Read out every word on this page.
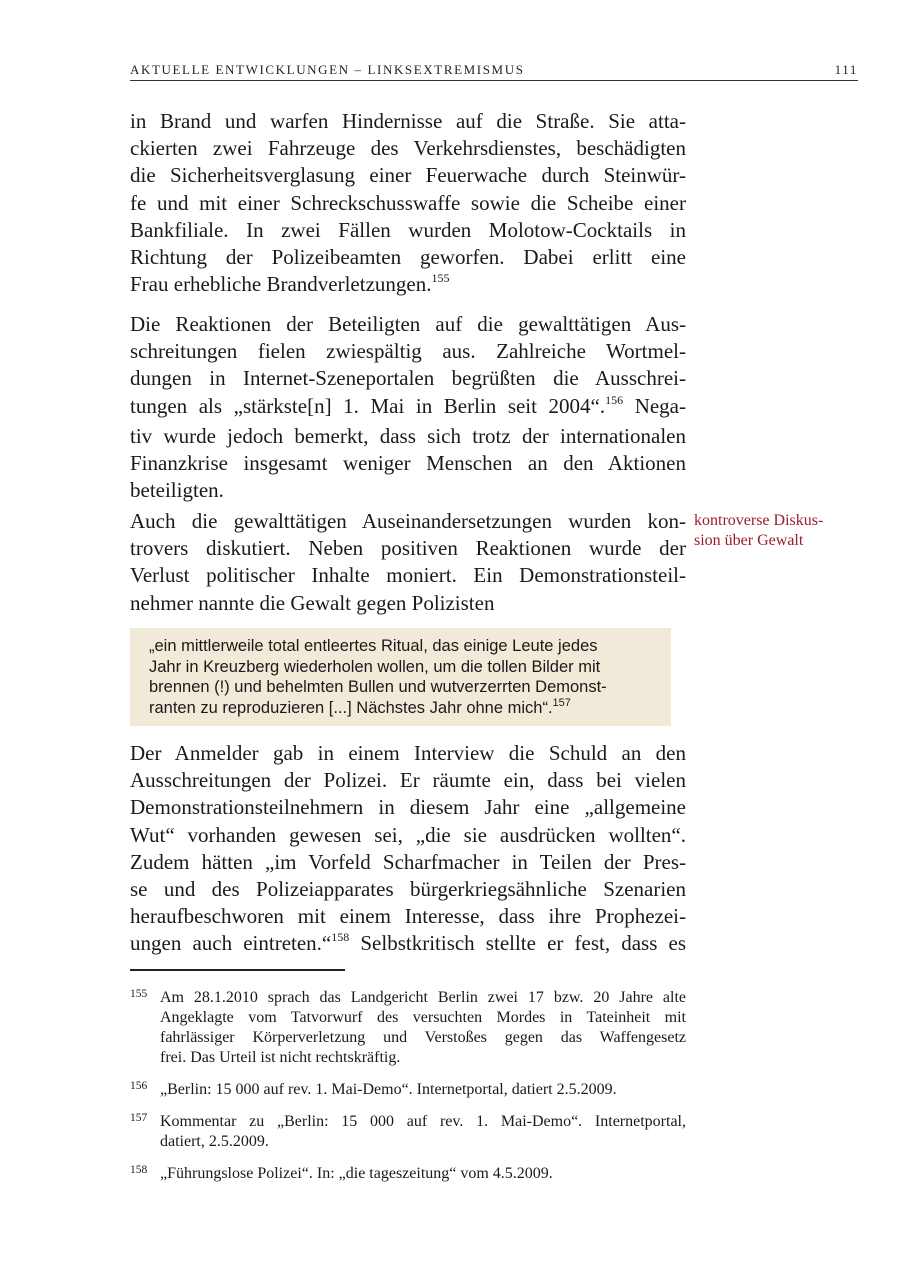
AKTUELLE ENTWICKLUNGEN – LINKSEXTREMISMUS	111
in Brand und warfen Hindernisse auf die Straße. Sie atta-
ckierten zwei Fahrzeuge des Verkehrsdienstes, beschädigten
die Sicherheitsverglasung einer Feuerwache durch Steinwür-
fe und mit einer Schreckschusswaffe sowie die Scheibe einer
Bankfiliale. In zwei Fällen wurden Molotow-Cocktails in
Richtung der Polizeibeamten geworfen. Dabei erlitt eine
Frau erhebliche Brandverletzungen.$^{155}$
Die Reaktionen der Beteiligten auf die gewalttätigen Aus-
schreitungen fielen zwiespältig aus. Zahlreiche Wortmel-
dungen in Internet-Szeneportalen begrüßten die Ausschrei-
tungen als „stärkste[n] 1. Mai in Berlin seit 2004“.$^{156}$ Nega-
tiv wurde jedoch bemerkt, dass sich trotz der internationalen
Finanzkrise insgesamt weniger Menschen an den Aktionen
beteiligten.
Auch die gewalttätigen Auseinandersetzungen wurden kon-
trovers diskutiert. Neben positiven Reaktionen wurde der
Verlust politischer Inhalte moniert. Ein Demonstrationsteil-
nehmer nannte die Gewalt gegen Polizisten
Der Anmelder gab in einem Interview die Schuld an den
Ausschreitungen der Polizei. Er räumte ein, dass bei vielen
Demonstrationsteilnehmern in diesem Jahr eine „allgemeine
Wut“ vorhanden gewesen sei, „die sie ausdrücken wollten“.
Zudem hätten „im Vorfeld Scharfmacher in Teilen der Pres-
se und des Polizeiapparates bürgerkriegsähnliche Szenarien
heraufbeschworen mit einem Interesse, dass ihre Prophezei-
ungen auch eintreten.“$^{158}$ Selbstkritisch stellte er fest, dass es
kontroverse Diskus-
sion über Gewalt
„ein mittlerweile total entleertes Ritual, das einige Leute jedes
Jahr in Kreuzberg wiederholen wollen, um die tollen Bilder mit
brennen (!) und behelmten Bullen und wutverzerrten Demonst-
ranten zu reproduzieren [...] Nächstes Jahr ohne mich“.$^{157}$
155 Am 28.1.2010 sprach das Landgericht Berlin zwei 17 bzw. 20 Jahre alte
Angeklagte vom Tatvorwurf des versuchten Mordes in Tateinheit mit
fahrlässiger Körperverletzung und Verstoßes gegen das Waffengesetz
frei. Das Urteil ist nicht rechtskräftig.
156 „Berlin: 15 000 auf rev. 1. Mai-Demo“. Internetportal, datiert 2.5.2009.
157 Kommentar zu „Berlin: 15 000 auf rev. 1. Mai-Demo“. Internetportal,
datiert, 2.5.2009.
158 „Führungslose Polizei“. In: „die tageszeitung“ vom 4.5.2009.
